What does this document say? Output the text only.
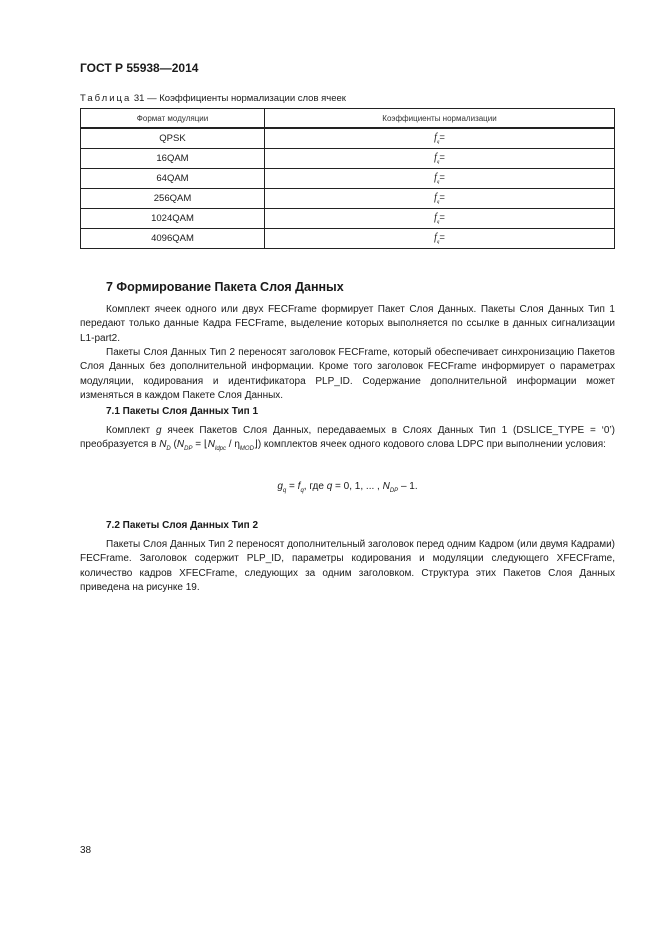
ГОСТ Р 55938—2014
Таблица 31 — Коэффициенты нормализации слов ячеек
Формат модуляции	Коэффициенты нормализации
QPSK	$f_q=$
16QAM	$f_q=$
64QAM	$f_q=$
256QAM	$f_q=$
1024QAM	$f_q=$
4096QAM	$f_q=$
7 Формирование Пакета Слоя Данных
Комплект ячеек одного или двух FECFrame формирует Пакет Слоя Данных. Пакеты Слоя Данных Тип 1 передают только данные Кадра FECFrame, выделение которых выполняется по ссылке в данных сигнализации L1-part2.
Пакеты Слоя Данных Тип 2 переносят заголовок FECFrame, который обеспечивает синхронизацию Пакетов Слоя Данных без дополнительной информации. Кроме того заголовок FECFrame информирует о параметрах модуляции, кодирования и идентификатора PLP_ID. Содержание дополнительной информации может изменяться в каждом Пакете Слоя Данных.
7.1 Пакеты Слоя Данных Тип 1
Комплект g ячеек Пакетов Слоя Данных, передаваемых в Слоях Данных Тип 1 (DSLICE_TYPE = ‘0’) преобразуется в $N_D$ ($N_{DP}$ = $⌊N_{ldpc}$ / $\eta_{MOD}⌋$) комплектов ячеек одного кодового слова LDPC при выполнении условия:
$g_q = f_q$, где q = 0, 1, ... , $N_{DP} - 1$.
7.2 Пакеты Слоя Данных Тип 2
Пакеты Слоя Данных Тип 2 переносят дополнительный заголовок перед одним Кадром (или двумя Кадрами) FECFrame. Заголовок содержит PLP_ID, параметры кодирования и модуляции следующего XFECFrame, количество кадров XFECFrame, следующих за одним заголовком. Структура этих Пакетов Слоя Данных приведена на рисунке 19.
38
